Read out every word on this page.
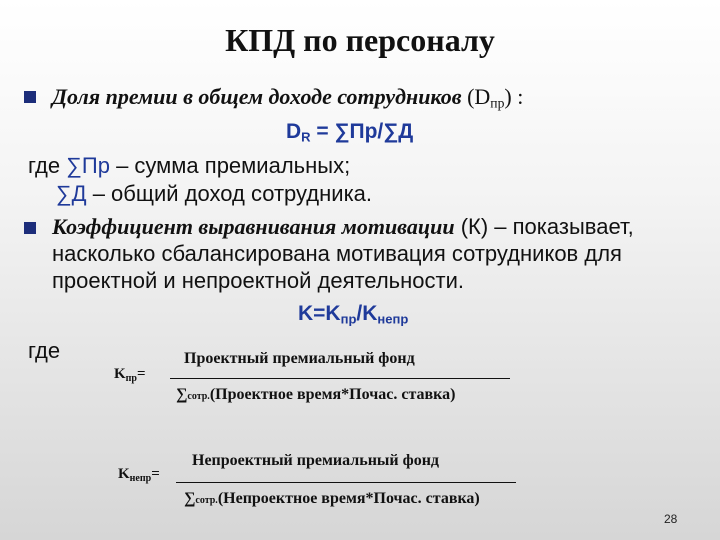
КПД по персоналу
Доля премии в общем доходе сотрудников $(D_{пр})$ :
$D_R = \sum Пр/\sum Д$
где ∑Пр – сумма премиальных;
∑Д – общий доход сотрудника.
Коэффициент выравнивания мотивации (К) – показывает,
насколько сбалансирована мотивация сотрудников для
проектной и непроектной деятельности.
$K=K_{пр}/K_{непр}$
где
$K_{пр}=$
Проектный премиальный фонд
∑сотр.(Проектное время*Почас. ставка)
$K_{непр}=$
Непроектный премиальный фонд
∑сотр.(Непроектное время*Почас. ставка)
28
